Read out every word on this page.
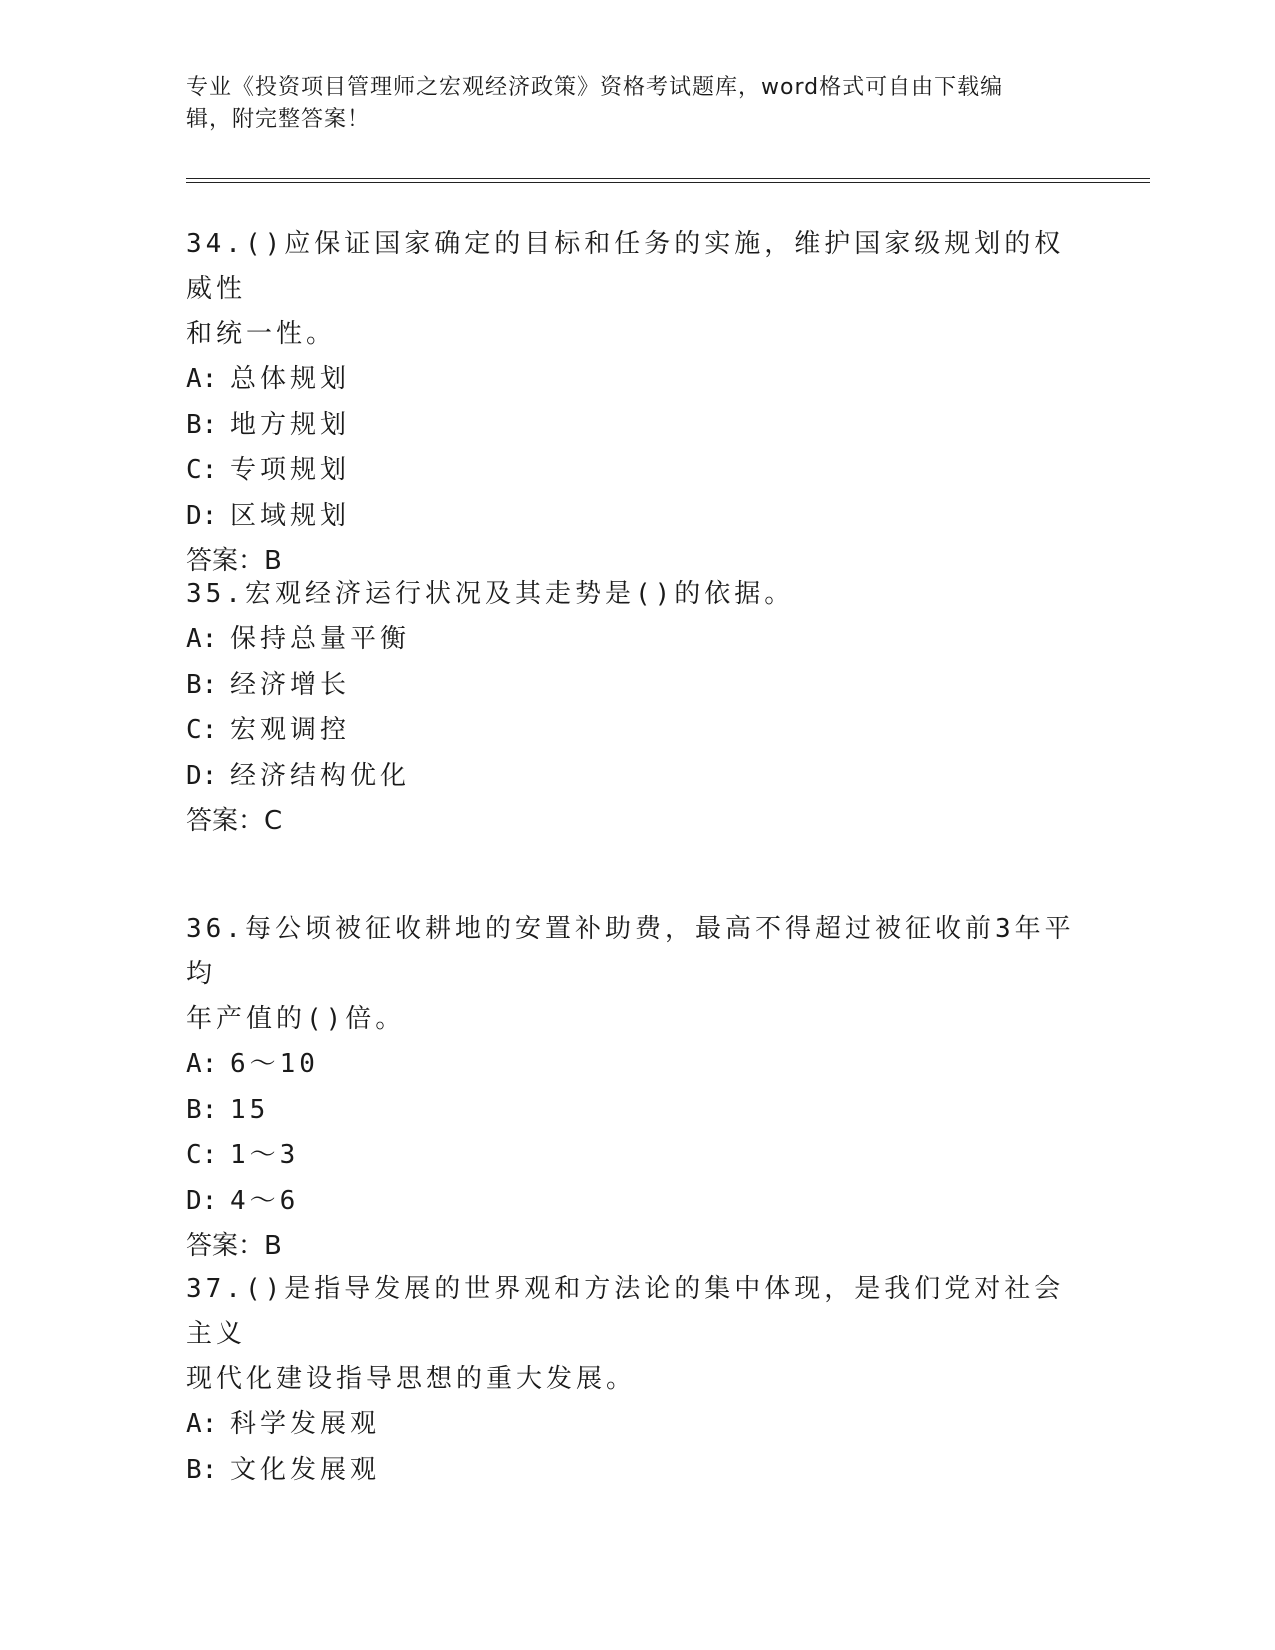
专业《投资项目管理师之宏观经济政策》资格考试题库，word格式可自由下载编
辑，附完整答案！
34.()应保证国家确定的目标和任务的实施，维护国家级规划的权威性
和统一性。
A: 总体规划
B: 地方规划
C: 专项规划
D: 区域规划
答案：B
35.宏观经济运行状况及其走势是()的依据。
A: 保持总量平衡
B: 经济增长
C: 宏观调控
D: 经济结构优化
答案：C
36.每公顷被征收耕地的安置补助费，最高不得超过被征收前3年平均
年产值的()倍。
A: 6～10
B: 15
C: 1～3
D: 4～6
答案：B
37.()是指导发展的世界观和方法论的集中体现，是我们党对社会主义
现代化建设指导思想的重大发展。
A: 科学发展观
B: 文化发展观
